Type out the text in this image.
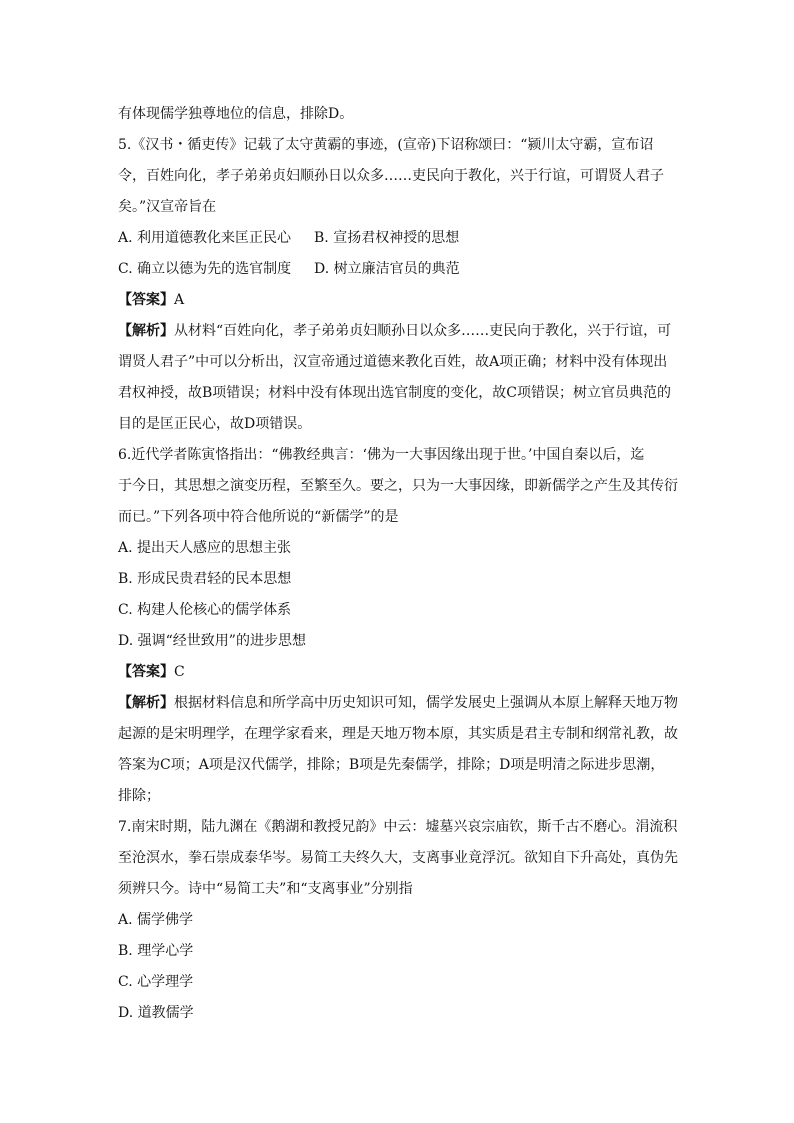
有体现儒学独尊地位的信息，排除D。
5.《汉书・循吏传》记载了太守黄霸的事迹，(宣帝)下诏称颂曰：“颍川太守霸，宣布诏
令，百姓向化，孝子弟弟贞妇顺孙日以众多……吏民向于教化，兴于行谊，可谓贤人君子
矣。”汉宣帝旨在
A. 利用道德教化来匡正民心	B. 宣扬君权神授的思想
C. 确立以德为先的选官制度	D. 树立廉洁官员的典范
【答案】A
【解析】从材料“百姓向化，孝子弟弟贞妇顺孙日以众多……吏民向于教化，兴于行谊，可
谓贤人君子”中可以分析出，汉宣帝通过道德来教化百姓，故A项正确；材料中没有体现出
君权神授，故B项错误；材料中没有体现出选官制度的变化，故C项错误；树立官员典范的
目的是匡正民心，故D项错误。
6.近代学者陈寅恪指出：“佛教经典言：‘佛为一大事因缘出现于世。’中国自秦以后，迄
于今日，其思想之演变历程，至繁至久。要之，只为一大事因缘，即新儒学之产生及其传衍
而已。”下列各项中符合他所说的“新儒学”的是
A. 提出天人感应的思想主张
B. 形成民贵君轻的民本思想
C. 构建人伦核心的儒学体系
D. 强调“经世致用”的进步思想
【答案】C
【解析】根据材料信息和所学高中历史知识可知，儒学发展史上强调从本原上解释天地万物
起源的是宋明理学，在理学家看来，理是天地万物本原，其实质是君主专制和纲常礼教，故
答案为C项；A项是汉代儒学，排除；B项是先秦儒学，排除；D项是明清之际进步思潮，
排除；
7.南宋时期，陆九渊在《鹅湖和教授兄韵》中云：墟墓兴哀宗庙钦，斯千古不磨心。涓流积
至沧溟水，拳石崇成泰华岑。易简工夫终久大，支离事业竟浮沉。欲知自下升高处，真伪先
须辨只今。诗中“易简工夫”和“支离事业”分别指
A. 儒学佛学
B. 理学心学
C. 心学理学
D. 道教儒学
